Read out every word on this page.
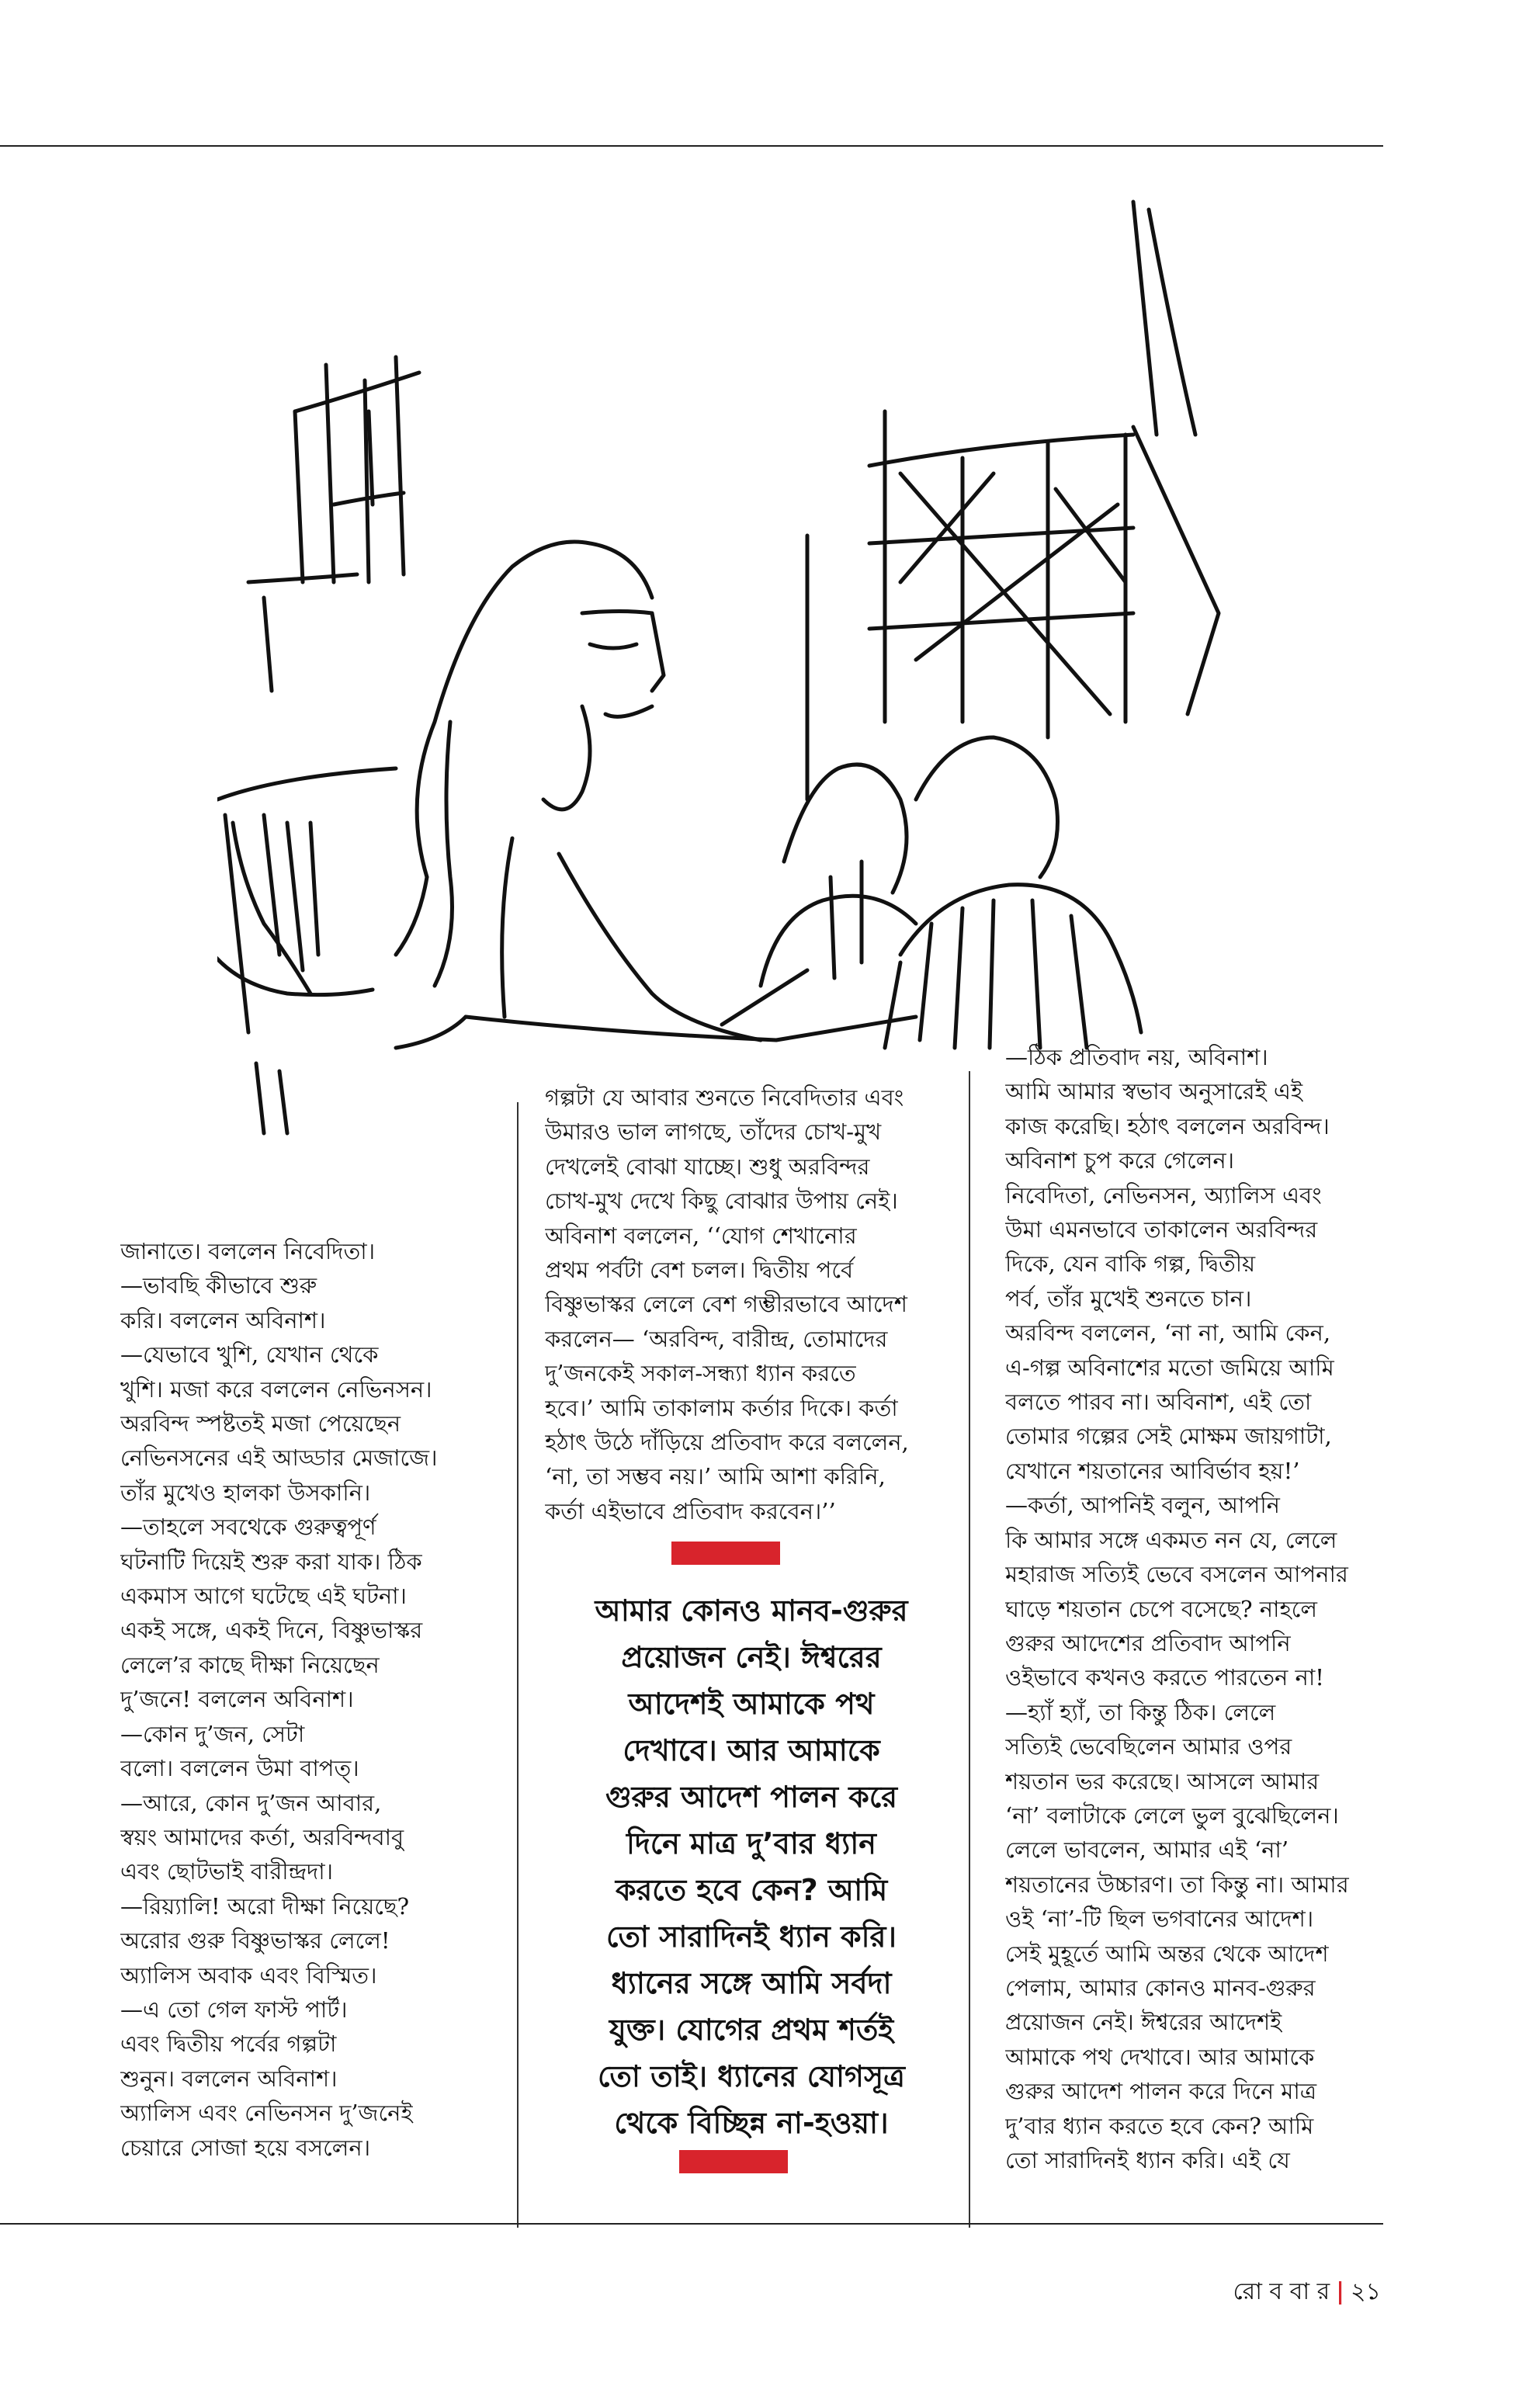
জানাতে। বললেন নিবেদিতা।
—ভাবছি কীভাবে শুরু
করি। বললেন অবিনাশ।
—যেভাবে খুশি, যেখান থেকে
খুশি। মজা করে বললেন নেভিনসন।
অরবিন্দ স্পষ্টতই মজা পেয়েছেন
নেভিনসনের এই আড্ডার মেজাজে।
তাঁর মুখেও হালকা উসকানি।
—তাহলে সবথেকে গুরুত্বপূর্ণ
ঘটনাটি দিয়েই শুরু করা যাক। ঠিক
একমাস আগে ঘটেছে এই ঘটনা।
একই সঙ্গে, একই দিনে, বিষ্ণুভাস্কর
লেলে’র কাছে দীক্ষা নিয়েছেন
দু’জনে! বললেন অবিনাশ।
—কোন দু’জন, সেটা
বলো। বললেন উমা বাপত্।
—আরে, কোন দু’জন আবার,
স্বয়ং আমাদের কর্তা, অরবিন্দবাবু
এবং ছোটভাই বারীন্দ্রদা।
—রিয়্যালি! অরো দীক্ষা নিয়েছে?
অরোর গুরু বিষ্ণুভাস্কর লেলে!
অ্যালিস অবাক এবং বিস্মিত।
—এ তো গেল ফাস্ট পার্ট।
এবং দ্বিতীয় পর্বের গল্পটা
শুনুন। বললেন অবিনাশ।
অ্যালিস এবং নেভিনসন দু’জনেই
চেয়ারে সোজা হয়ে বসলেন।
গল্পটা যে আবার শুনতে নিবেদিতার এবং
উমারও ভাল লাগছে, তাঁদের চোখ-মুখ
দেখলেই বোঝা যাচ্ছে। শুধু অরবিন্দর
চোখ-মুখ দেখে কিছু বোঝার উপায় নেই।
অবিনাশ বললেন, ‘‘যোগ শেখানোর
প্রথম পর্বটা বেশ চলল। দ্বিতীয় পর্বে
বিষ্ণুভাস্কর লেলে বেশ গম্ভীরভাবে আদেশ
করলেন— ‘অরবিন্দ, বারীন্দ্র, তোমাদের
দু’জনকেই সকাল-সন্ধ্যা ধ্যান করতে
হবে।’ আমি তাকালাম কর্তার দিকে। কর্তা
হঠাৎ উঠে দাঁড়িয়ে প্রতিবাদ করে বললেন,
‘না, তা সম্ভব নয়।’ আমি আশা করিনি,
কর্তা এইভাবে প্রতিবাদ করবেন।’’
আমার কোনও মানব-গুরুর
প্রয়োজন নেই। ঈশ্বরের
আদেশই আমাকে পথ
দেখাবে। আর আমাকে
গুরুর আদেশ পালন করে
দিনে মাত্র দু’বার ধ্যান
করতে হবে কেন? আমি
তো সারাদিনই ধ্যান করি।
ধ্যানের সঙ্গে আমি সর্বদা
যুক্ত। যোগের প্রথম শর্তই
তো তাই। ধ্যানের যোগসূত্র
থেকে বিচ্ছিন্ন না-হওয়া।
—ঠিক প্রতিবাদ নয়, অবিনাশ।
আমি আমার স্বভাব অনুসারেই এই
কাজ করেছি। হঠাৎ বললেন অরবিন্দ।
অবিনাশ চুপ করে গেলেন।
নিবেদিতা, নেভিনসন, অ্যালিস এবং
উমা এমনভাবে তাকালেন অরবিন্দর
দিকে, যেন বাকি গল্প, দ্বিতীয়
পর্ব, তাঁর মুখেই শুনতে চান।
অরবিন্দ বললেন, ‘না না, আমি কেন,
এ-গল্প অবিনাশের মতো জমিয়ে আমি
বলতে পারব না। অবিনাশ, এই তো
তোমার গল্পের সেই মোক্ষম জায়গাটা,
যেখানে শয়তানের আবির্ভাব হয়!’
—কর্তা, আপনিই বলুন, আপনি
কি আমার সঙ্গে একমত নন যে, লেলে
মহারাজ সত্যিই ভেবে বসলেন আপনার
ঘাড়ে শয়তান চেপে বসেছে? নাহলে
গুরুর আদেশের প্রতিবাদ আপনি
ওইভাবে কখনও করতে পারতেন না!
—হ্যাঁ হ্যাঁ, তা কিন্তু ঠিক। লেলে
সত্যিই ভেবেছিলেন আমার ওপর
শয়তান ভর করেছে। আসলে আমার
‘না’ বলাটাকে লেলে ভুল বুঝেছিলেন।
লেলে ভাবলেন, আমার এই ‘না’
শয়তানের উচ্চারণ। তা কিন্তু না। আমার
ওই ‘না’-টি ছিল ভগবানের আদেশ।
সেই মুহূর্তে আমি অন্তর থেকে আদেশ
পেলাম, আমার কোনও মানব-গুরুর
প্রয়োজন নেই। ঈশ্বরের আদেশই
আমাকে পথ দেখাবে। আর আমাকে
গুরুর আদেশ পালন করে দিনে মাত্র
দু’বার ধ্যান করতে হবে কেন? আমি
তো সারাদিনই ধ্যান করি। এই যে
রো ব বা র | ২১
